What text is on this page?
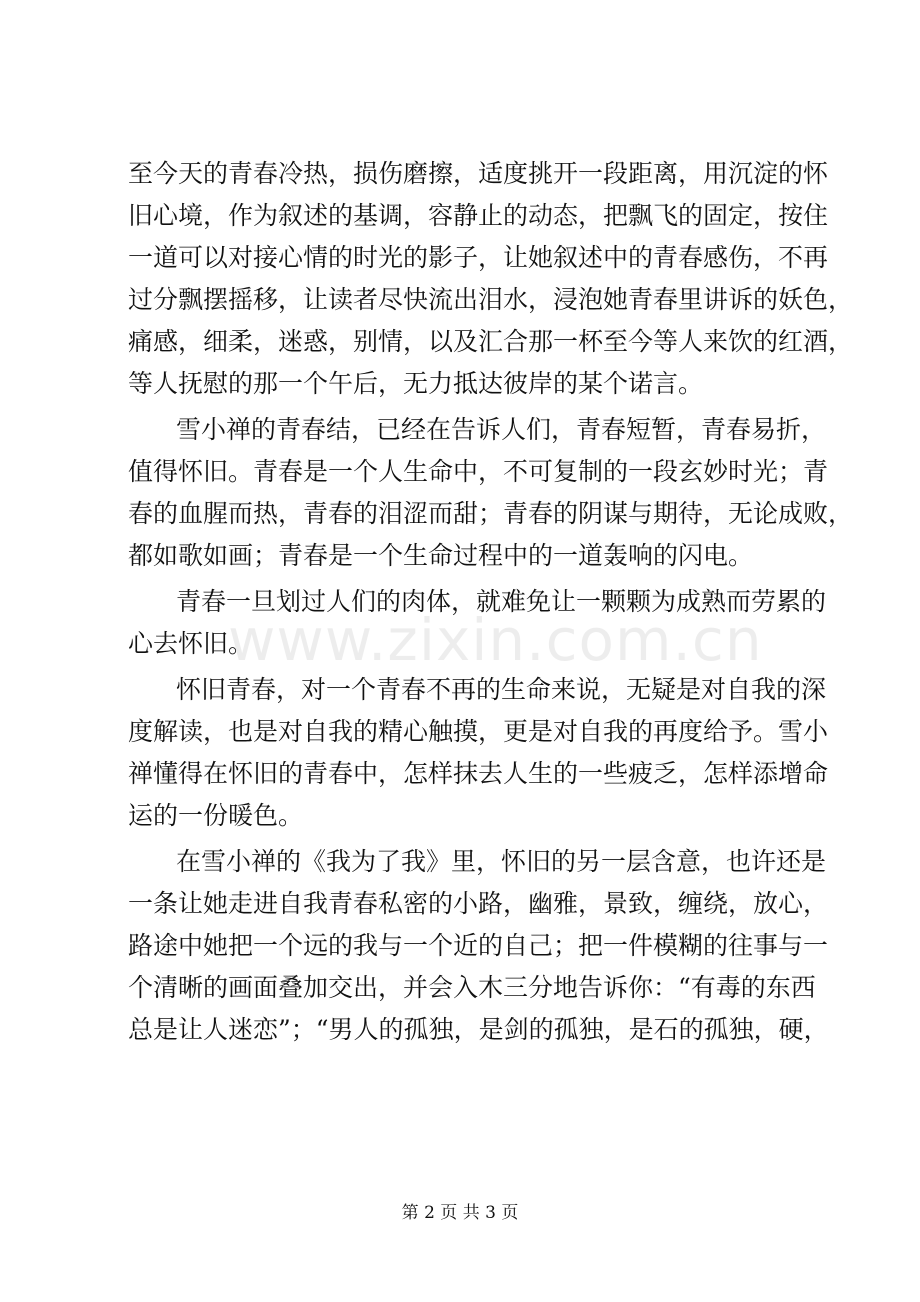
www.zixin.com.cn
至今天的青春冷热，损伤磨擦，适度挑开一段距离，用沉淀的怀
旧心境，作为叙述的基调，容静止的动态，把飘飞的固定，按住
一道可以对接心情的时光的影子，让她叙述中的青春感伤，不再
过分飘摆摇移，让读者尽快流出泪水，浸泡她青春里讲诉的妖色，
痛感，细柔，迷惑，别情，以及汇合那一杯至今等人来饮的红酒，
等人抚慰的那一个午后，无力抵达彼岸的某个诺言。
雪小禅的青春结，已经在告诉人们，青春短暂，青春易折，
值得怀旧。青春是一个人生命中，不可复制的一段玄妙时光；青
春的血腥而热，青春的泪涩而甜；青春的阴谋与期待，无论成败，
都如歌如画；青春是一个生命过程中的一道轰响的闪电。
青春一旦划过人们的肉体，就难免让一颗颗为成熟而劳累的
心去怀旧。
怀旧青春，对一个青春不再的生命来说，无疑是对自我的深
度解读，也是对自我的精心触摸，更是对自我的再度给予。雪小
禅懂得在怀旧的青春中，怎样抹去人生的一些疲乏，怎样添增命
运的一份暖色。
在雪小禅的《我为了我》里，怀旧的另一层含意，也许还是
一条让她走进自我青春私密的小路，幽雅，景致，缠绕，放心，
路途中她把一个远的我与一个近的自己；把一件模糊的往事与一
个清晰的画面叠加交出，并会入木三分地告诉你：“有毒的东西
总是让人迷恋”；“男人的孤独，是剑的孤独，是石的孤独，硬，
第 2 页 共 3 页
